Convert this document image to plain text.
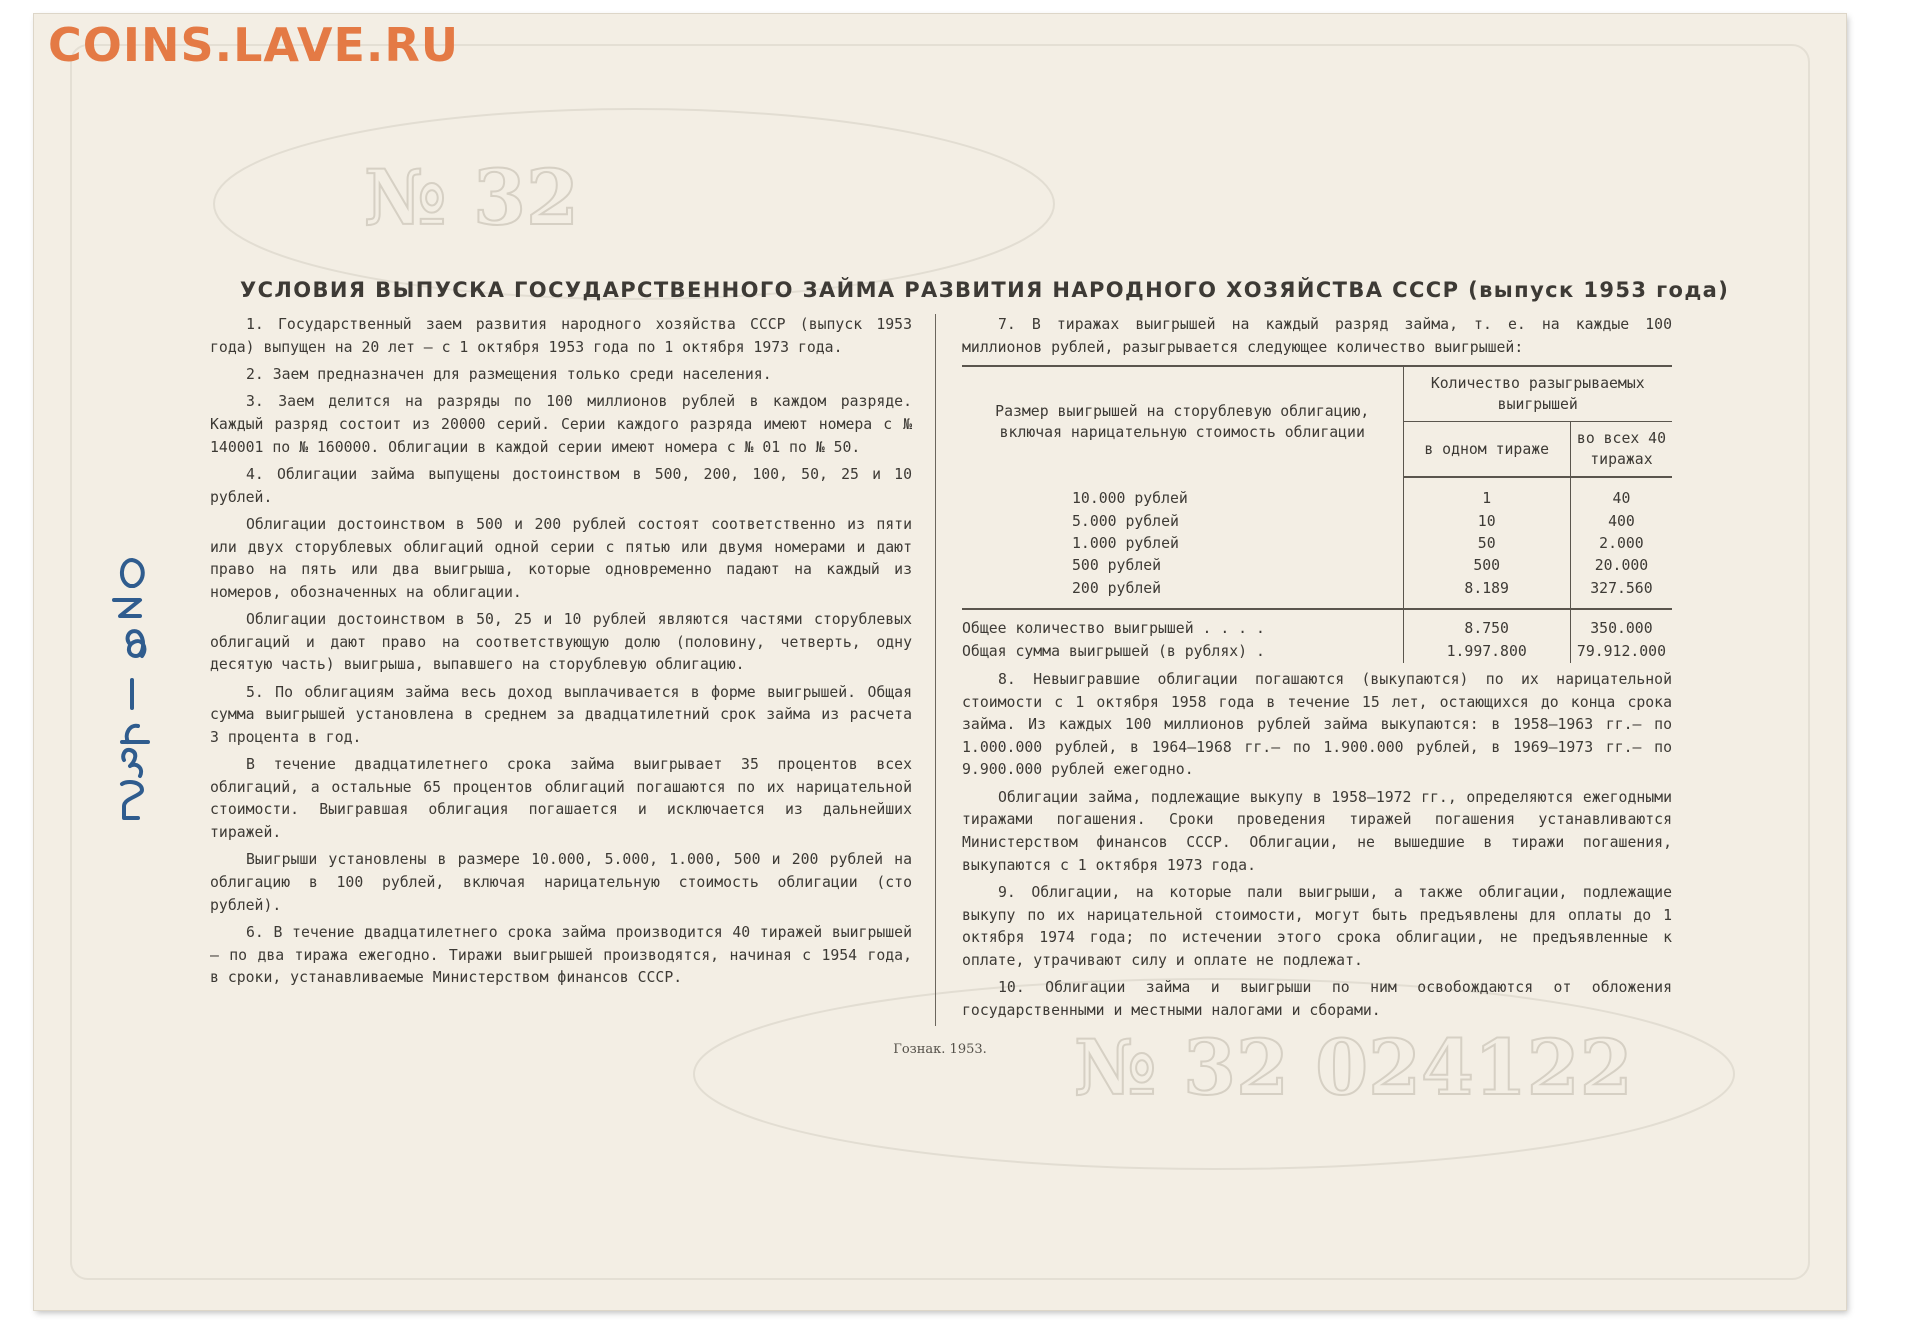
№ 32
№ 32 024122
COINS.LAVE.RU
УСЛОВИЯ ВЫПУСКА ГОСУДАРСТВЕННОГО ЗАЙМА РАЗВИТИЯ НАРОДНОГО ХОЗЯЙСТВА СССР (выпуск 1953 года)

1. Государственный заем развития народного хозяйства СССР (выпуск 1953 года) выпущен на 20 лет — с 1 октября 1953 года по 1 октября 1973 года.

2. Заем предназначен для размещения только среди населения.

3. Заем делится на разряды по 100 миллионов рублей в каждом разряде. Каждый разряд состоит из 20000 серий. Серии каждого разряда имеют номера с № 140001 по № 160000. Облигации в каждой серии имеют номера с № 01 по № 50.

4. Облигации займа выпущены достоинством в 500, 200, 100, 50, 25 и 10 рублей.

Облигации достоинством в 500 и 200 рублей состоят соответственно из пяти или двух сторублевых облигаций одной серии с пятью или двумя номерами и дают право на пять или два выигрыша, которые одновременно падают на каждый из номеров, обозначенных на облигации.

Облигации достоинством в 50, 25 и 10 рублей являются частями сторублевых облигаций и дают право на соответствующую долю (половину, четверть, одну десятую часть) выигрыша, выпавшего на сторублевую облигацию.

5. По облигациям займа весь доход выплачивается в форме выигрышей. Общая сумма выигрышей установлена в среднем за двадцатилетний срок займа из расчета 3 процента в год.

В течение двадцатилетнего срока займа выигрывает 35 процентов всех облигаций, а остальные 65 процентов облигаций погашаются по их нарицательной стоимости. Выигравшая облигация погашается и исключается из дальнейших тиражей.

Выигрыши установлены в размере 10.000, 5.000, 1.000, 500 и 200 рублей на облигацию в 100 рублей, включая нарицательную стоимость облигации (сто рублей).

6. В течение двадцатилетнего срока займа производится 40 тиражей выигрышей — по два тиража ежегодно. Тиражи выигрышей производятся, начиная с 1954 года, в сроки, устанавливаемые Министерством финансов СССР.

7. В тиражах выигрышей на каждый разряд займа, т. е. на каждые 100 миллионов рублей, разыгрывается следующее количество выигрышей:

Размер выигрышей на сторублевую облигацию, включая нарицательную стоимость облигации	Количество разыгрываемых выигрышей	
	в одном тираже	во всех 40 тиражах
10.000 рублей	1	40
5.000 рублей	10	400
1.000 рублей	50	2.000
500 рублей	500	20.000
200 рублей	8.189	327.560
Общее количество выигрышей . . . .	8.750	350.000
Общая сумма выигрышей (в рублях) .	1.997.800	79.912.000

8. Невыигравшие облигации погашаются (выкупаются) по их нарицательной стоимости с 1 октября 1958 года в течение 15 лет, остающихся до конца срока займа. Из каждых 100 миллионов рублей займа выкупаются: в 1958—1963 гг.— по 1.000.000 рублей, в 1964—1968 гг.— по 1.900.000 рублей, в 1969—1973 гг.— по 9.900.000 рублей ежегодно.

Облигации займа, подлежащие выкупу в 1958—1972 гг., определяются ежегодными тиражами погашения. Сроки проведения тиражей погашения устанавливаются Министерством финансов СССР. Облигации, не вышедшие в тиражи погашения, выкупаются с 1 октября 1973 года.

9. Облигации, на которые пали выигрыши, а также облигации, подлежащие выкупу по их нарицательной стоимости, могут быть предъявлены для оплаты до 1 октября 1974 года; по истечении этого срока облигации, не предъявленные к оплате, утрачивают силу и оплате не подлежат.

10. Облигации займа и выигрыши по ним освобождаются от обложения государственными и местными налогами и сборами.

Гознак. 1953.
